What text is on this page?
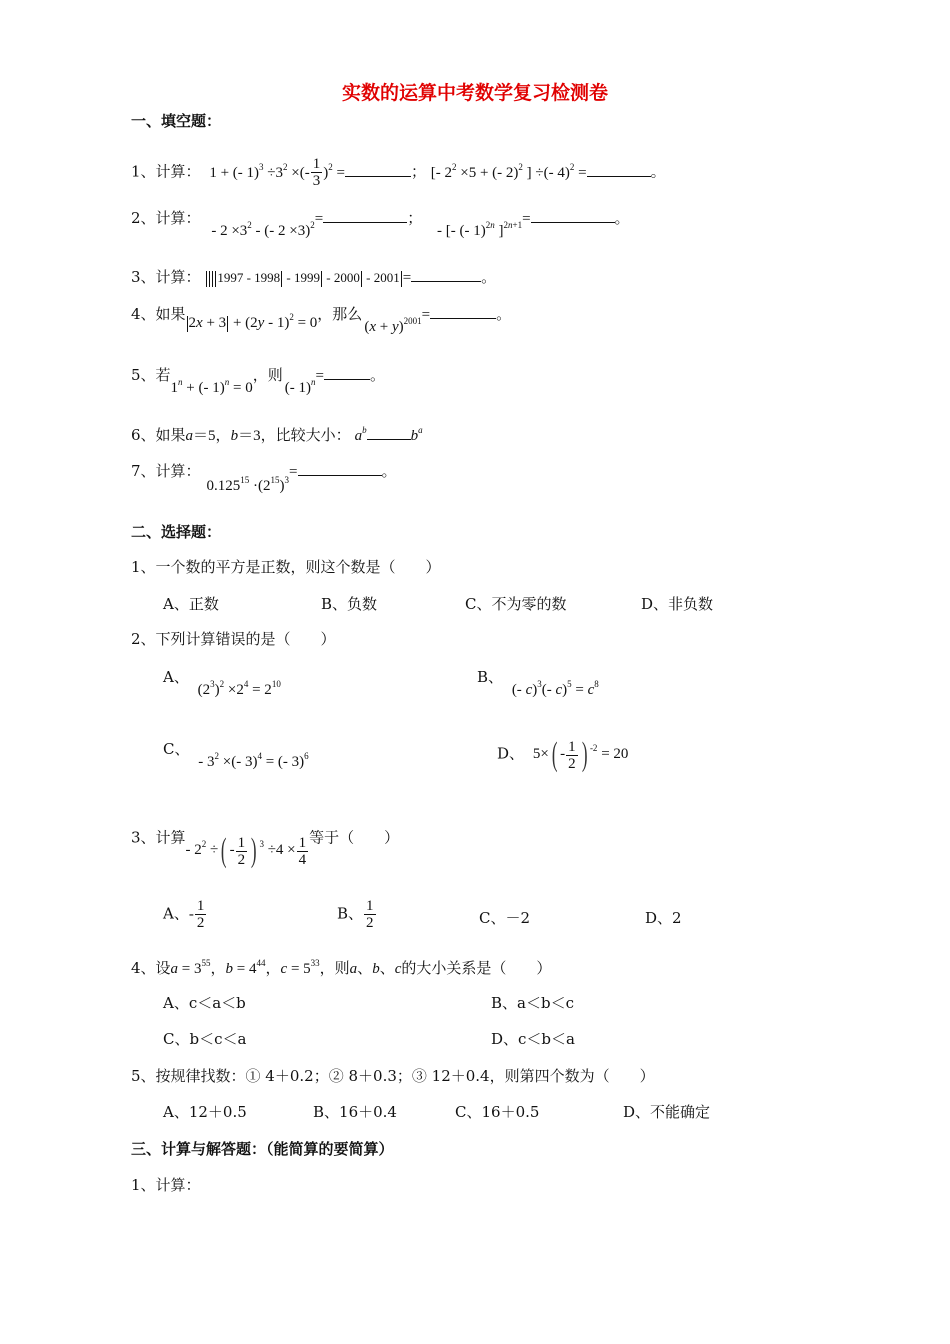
实数的运算中考数学复习检测卷
一、填空题：
1、计算： 1 + (- $1)^3 \div 3^2$ ×(- $\frac{1}{3} )^2$ =	； [- $2^2 \times 5$ + (- 2)$^2$ ] ÷(- 4)$^2$ =	。
2、计算： - $2 \times 3^2$ - (- 2 ×3)$^2$=	； - [- (- 1)$^{2n}$ ]$^{2n+1}$=	。
3、计算： 1997 - 1998 - 1999 - 2000 - 2001 =	。
4、如果 2x + 3 + (2y - 1)$^2$ = 0，那么$(x + y)^{2001}=$	。
5、若$1^n$ + (- 1)$^n$ = 0，则(- 1)$^n$=	。
6、如果a＝5，b＝3，比较大小： $a^b$	$b^a$
7、计算：$0.125^{15} \cdot(2^{15})^3=$	。
二、选择题：
1、一个数的平方是正数，则这个数是（　　）
A、正数	B、负数	C、不为零的数	D、非负数
2、下列计算错误的是（　　）
A、 $(2^3)^2 \times 2^4 = 2^{10}$	B、 (- c)$^3$(- $c)^5 = c^8$
C、 - $3^2$ ×(- 3)$^4$ = (- 3)$^6$	D、 $5\times( - \frac{1}{2}$ ) $^{-2}$ = 20
3、计算- $2^2$ ÷( - $\frac{1}{2}$ ) $^3 \div 4 \times \frac{1}{4}$ 等于（　　）
A、- $\frac{1}{2}$	B、 $\frac{1}{2}$	C、－2	D、2
4、设$a = 3^{55}$，$b = 4^{44}$，$c = 5^{33}$，则a、b、c的大小关系是（　　）
A、c＜a＜b	B、a＜b＜c
C、b＜c＜a	D、c＜b＜a
5、按规律找数：① 4＋0.2；② 8＋0.3；③ 12＋0.4，则第四个数为（　　）
A、12＋0.5	B、16＋0.4	C、16＋0.5	D、不能确定
三、计算与解答题：（能简算的要简算）
1、计算：
